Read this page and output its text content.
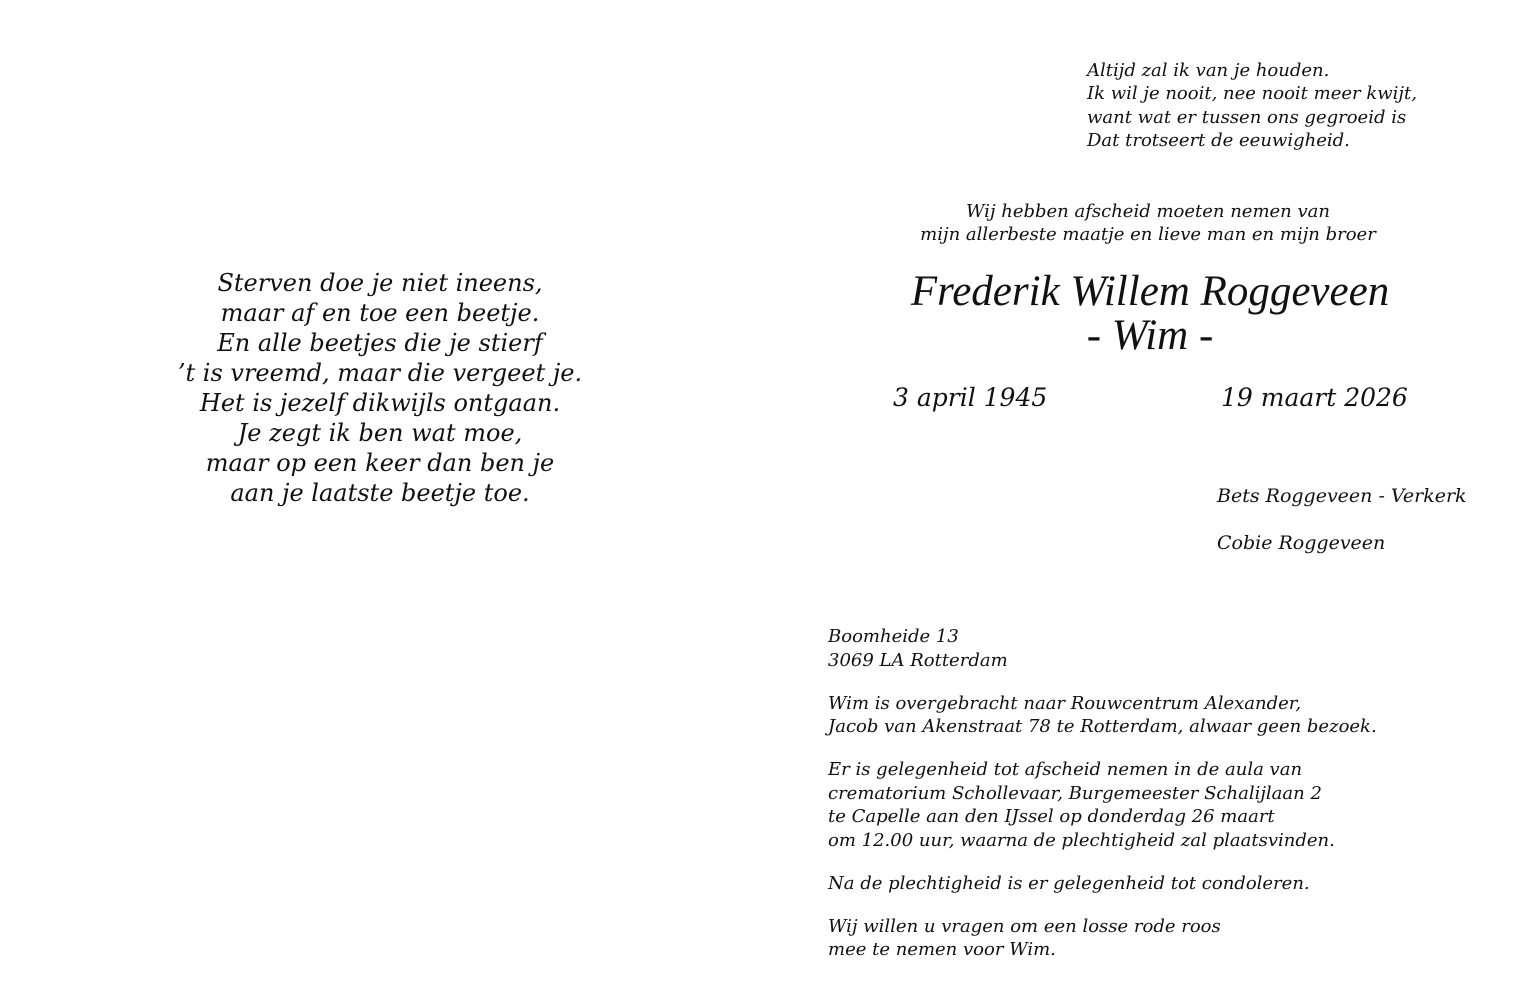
Sterven doe je niet ineens,
maar af en toe een beetje.
En alle beetjes die je stierf
’t is vreemd, maar die vergeet je.
Het is jezelf dikwijls ontgaan.
Je zegt ik ben wat moe,
maar op een keer dan ben je
aan je laatste beetje toe.
Altijd zal ik van je houden.
Ik wil je nooit, nee nooit meer kwijt,
want wat er tussen ons gegroeid is
Dat trotseert de eeuwigheid.
Wij hebben afscheid moeten nemen van
mijn allerbeste maatje en lieve man en mijn broer
Frederik Willem Roggeveen
- Wim -
3 april 1945	19 maart 2026
Bets Roggeveen - Verkerk
Cobie Roggeveen
Boomheide 13
3069 LA Rotterdam
Wim is overgebracht naar Rouwcentrum Alexander,
Jacob van Akenstraat 78 te Rotterdam, alwaar geen bezoek.
Er is gelegenheid tot afscheid nemen in de aula van
crematorium Schollevaar, Burgemeester Schalijlaan 2
te Capelle aan den IJssel op donderdag 26 maart
om 12.00 uur, waarna de plechtigheid zal plaatsvinden.
Na de plechtigheid is er gelegenheid tot condoleren.
Wij willen u vragen om een losse rode roos
mee te nemen voor Wim.
